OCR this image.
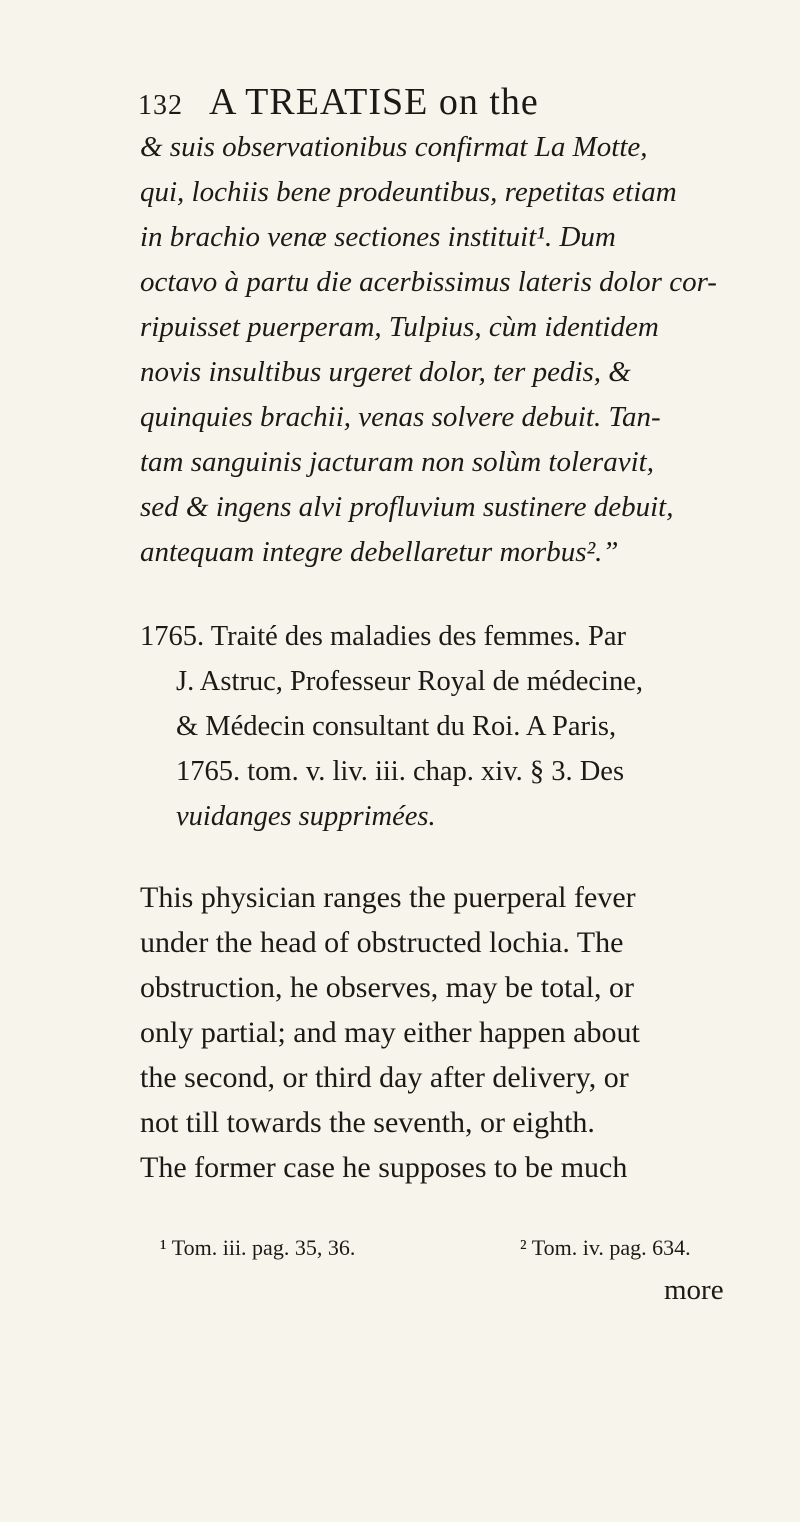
132 A TREATISE on the
& suis observationibus confirmat La Motte,
qui, lochiis bene prodeuntibus, repetitas etiam
in brachio venæ sectiones instituit¹. Dum
octavo à partu die acerbissimus lateris dolor cor-
ripuisset puerperam, Tulpius, cùm identidem
novis insultibus urgeret dolor, ter pedis, &
quinquies brachii, venas solvere debuit. Tan-
tam sanguinis jacturam non solùm toleravit,
sed & ingens alvi profluvium sustinere debuit,
antequam integre debellaretur morbus².”
1765. Traité des maladies des femmes. Par
J. Astruc, Professeur Royal de médecine,
& Médecin consultant du Roi. A Paris,
1765. tom. v. liv. iii. chap. xiv. § 3. Des
vuidanges supprimées.
This physician ranges the puerperal fever
under the head of obstructed lochia. The
obstruction, he observes, may be total, or
only partial; and may either happen about
the second, or third day after delivery, or
not till towards the seventh, or eighth.
The former case he supposes to be much
¹ Tom. iii. pag. 35, 36.	² Tom. iv. pag. 634.
more
